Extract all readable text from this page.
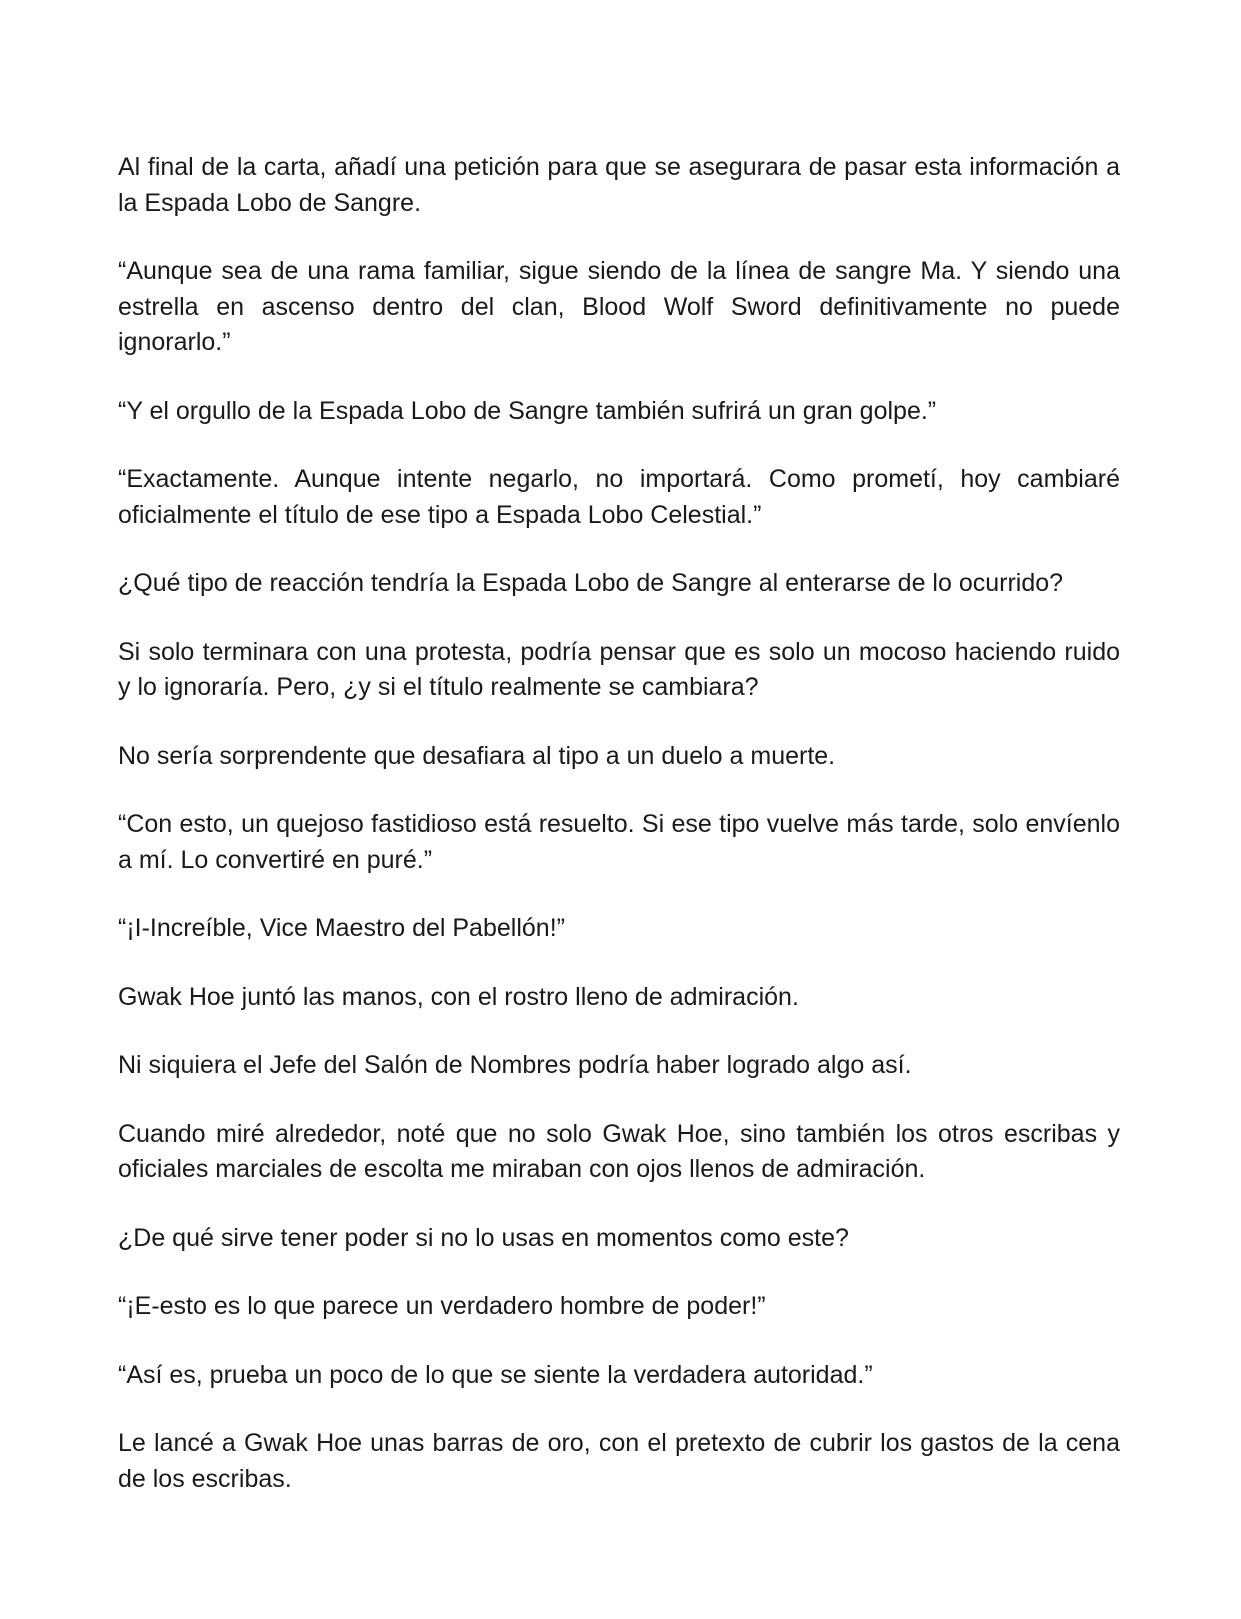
Al final de la carta, añadí una petición para que se asegurara de pasar esta información a la Espada Lobo de Sangre.

“Aunque sea de una rama familiar, sigue siendo de la línea de sangre Ma. Y siendo una estrella en ascenso dentro del clan, Blood Wolf Sword definitivamente no puede ignorarlo.”

“Y el orgullo de la Espada Lobo de Sangre también sufrirá un gran golpe.”

“Exactamente. Aunque intente negarlo, no importará. Como prometí, hoy cambiaré oficialmente el título de ese tipo a Espada Lobo Celestial.”

¿Qué tipo de reacción tendría la Espada Lobo de Sangre al enterarse de lo ocurrido?

Si solo terminara con una protesta, podría pensar que es solo un mocoso haciendo ruido y lo ignoraría. Pero, ¿y si el título realmente se cambiara?

No sería sorprendente que desafiara al tipo a un duelo a muerte.

“Con esto, un quejoso fastidioso está resuelto. Si ese tipo vuelve más tarde, solo envíenlo a mí. Lo convertiré en puré.”

“¡I-Increíble, Vice Maestro del Pabellón!”

Gwak Hoe juntó las manos, con el rostro lleno de admiración.

Ni siquiera el Jefe del Salón de Nombres podría haber logrado algo así.

Cuando miré alrededor, noté que no solo Gwak Hoe, sino también los otros escribas y oficiales marciales de escolta me miraban con ojos llenos de admiración.

¿De qué sirve tener poder si no lo usas en momentos como este?

“¡E-esto es lo que parece un verdadero hombre de poder!”

“Así es, prueba un poco de lo que se siente la verdadera autoridad.”

Le lancé a Gwak Hoe unas barras de oro, con el pretexto de cubrir los gastos de la cena de los escribas.
